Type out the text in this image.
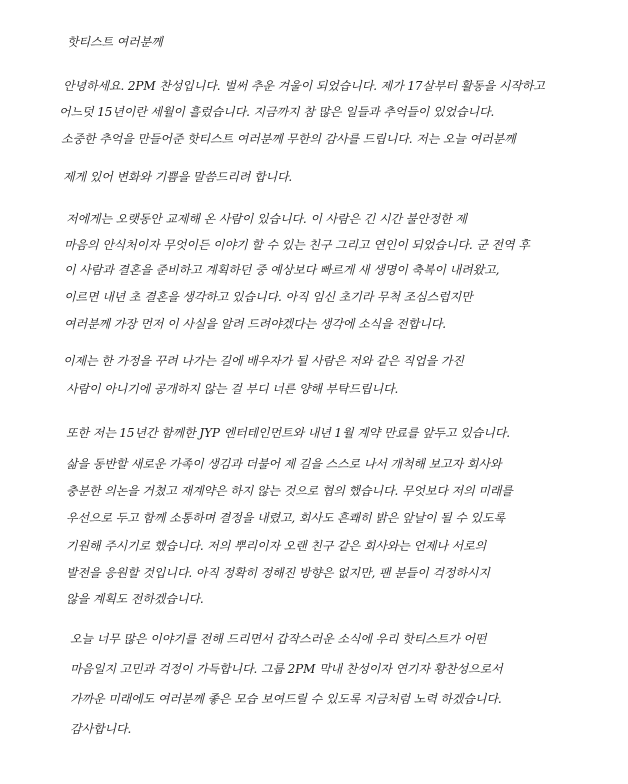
핫티스트 여러분께
안녕하세요. 2PM 찬성입니다. 벌써 추운 겨울이 되었습니다. 제가 17살부터 활동을 시작하고
어느덧 15년이란 세월이 흘렀습니다. 지금까지 참 많은 일들과 추억들이 있었습니다.
소중한 추억을 만들어준 핫티스트 여러분께 무한의 감사를 드립니다. 저는 오늘 여러분께
제게 있어 변화와 기쁨을 말씀드리려 합니다.
저에게는 오랫동안 교제해 온 사람이 있습니다. 이 사람은 긴 시간 불안정한 제
마음의 안식처이자 무엇이든 이야기 할 수 있는 친구 그리고 연인이 되었습니다. 군 전역 후
이 사람과 결혼을 준비하고 계획하던 중 예상보다 빠르게 새 생명이 축복이 내려왔고,
이르면 내년 초 결혼을 생각하고 있습니다. 아직 임신 초기라 무척 조심스럽지만
여러분께 가장 먼저 이 사실을 알려 드려야겠다는 생각에 소식을 전합니다.
이제는 한 가정을 꾸려 나가는 길에 배우자가 될 사람은 저와 같은 직업을 가진
사람이 아니기에 공개하지 않는 걸 부디 너른 양해 부탁드립니다.
또한 저는 15년간 함께한 JYP 엔터테인먼트와 내년 1월 계약 만료를 앞두고 있습니다.
삶을 동반할 새로운 가족이 생김과 더불어 제 길을 스스로 나서 개척해 보고자 회사와
충분한 의논을 거쳤고 재계약은 하지 않는 것으로 협의 했습니다. 무엇보다 저의 미래를
우선으로 두고 함께 소통하며 결정을 내렸고, 회사도 흔쾌히 밝은 앞날이 될 수 있도록
기원해 주시기로 했습니다. 저의 뿌리이자 오랜 친구 같은 회사와는 언제나 서로의
발전을 응원할 것입니다. 아직 정확히 정해진 방향은 없지만, 팬 분들이 걱정하시지
않을 계획도 전하겠습니다.
오늘 너무 많은 이야기를 전해 드리면서 갑작스러운 소식에 우리 핫티스트가 어떤
마음일지 고민과 걱정이 가득합니다. 그룹 2PM 막내 찬성이자 연기자 황찬성으로서
가까운 미래에도 여러분께 좋은 모습 보여드릴 수 있도록 지금처럼 노력 하겠습니다.
감사합니다.
